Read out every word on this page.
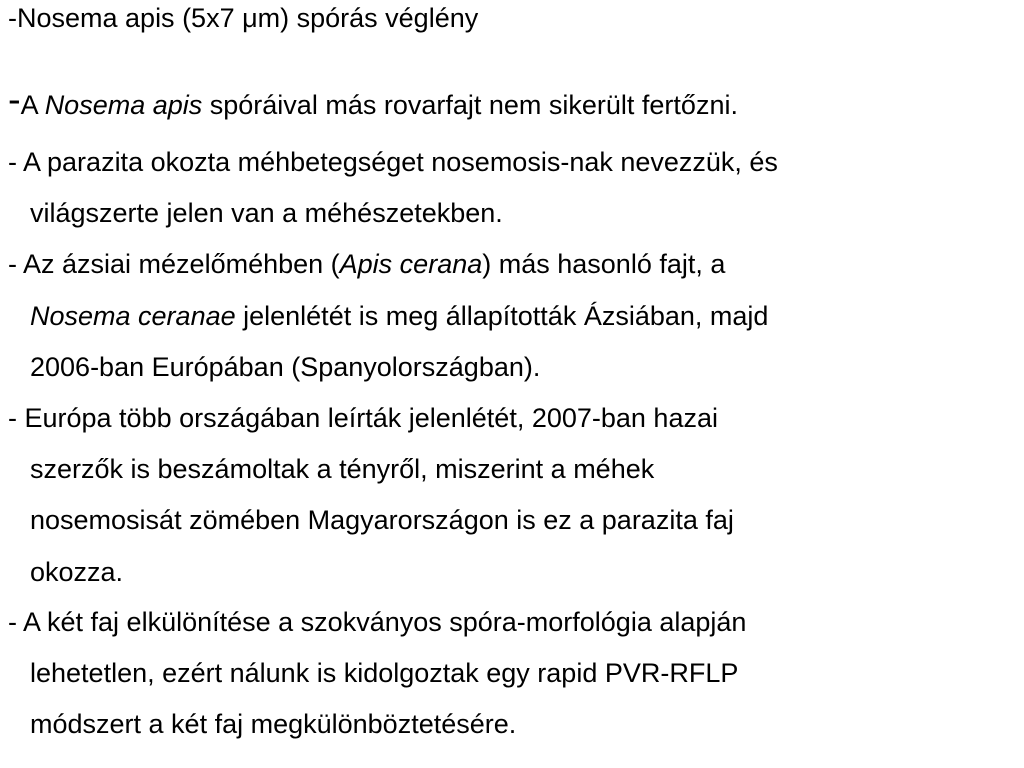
-Nosema apis (5x7 μm) spórás véglény
-A Nosema apis spóráival más rovarfajt nem sikerült fertőzni.
- A parazita okozta méhbetegséget nosemosis-nak nevezzük, és
világszerte jelen van a méhészetekben.
- Az ázsiai mézelőméhben (Apis cerana) más hasonló fajt, a
Nosema ceranae jelenlétét is meg állapították Ázsiában, majd
2006-ban Európában (Spanyolországban).
- Európa több országában leírták jelenlétét, 2007-ban hazai
szerzők is beszámoltak a tényről, miszerint a méhek
nosemosisát zömében Magyarországon is ez a parazita faj
okozza.
- A két faj elkülönítése a szokványos spóra-morfológia alapján
lehetetlen, ezért nálunk is kidolgoztak egy rapid PVR-RFLP
módszert a két faj megkülönböztetésére.
